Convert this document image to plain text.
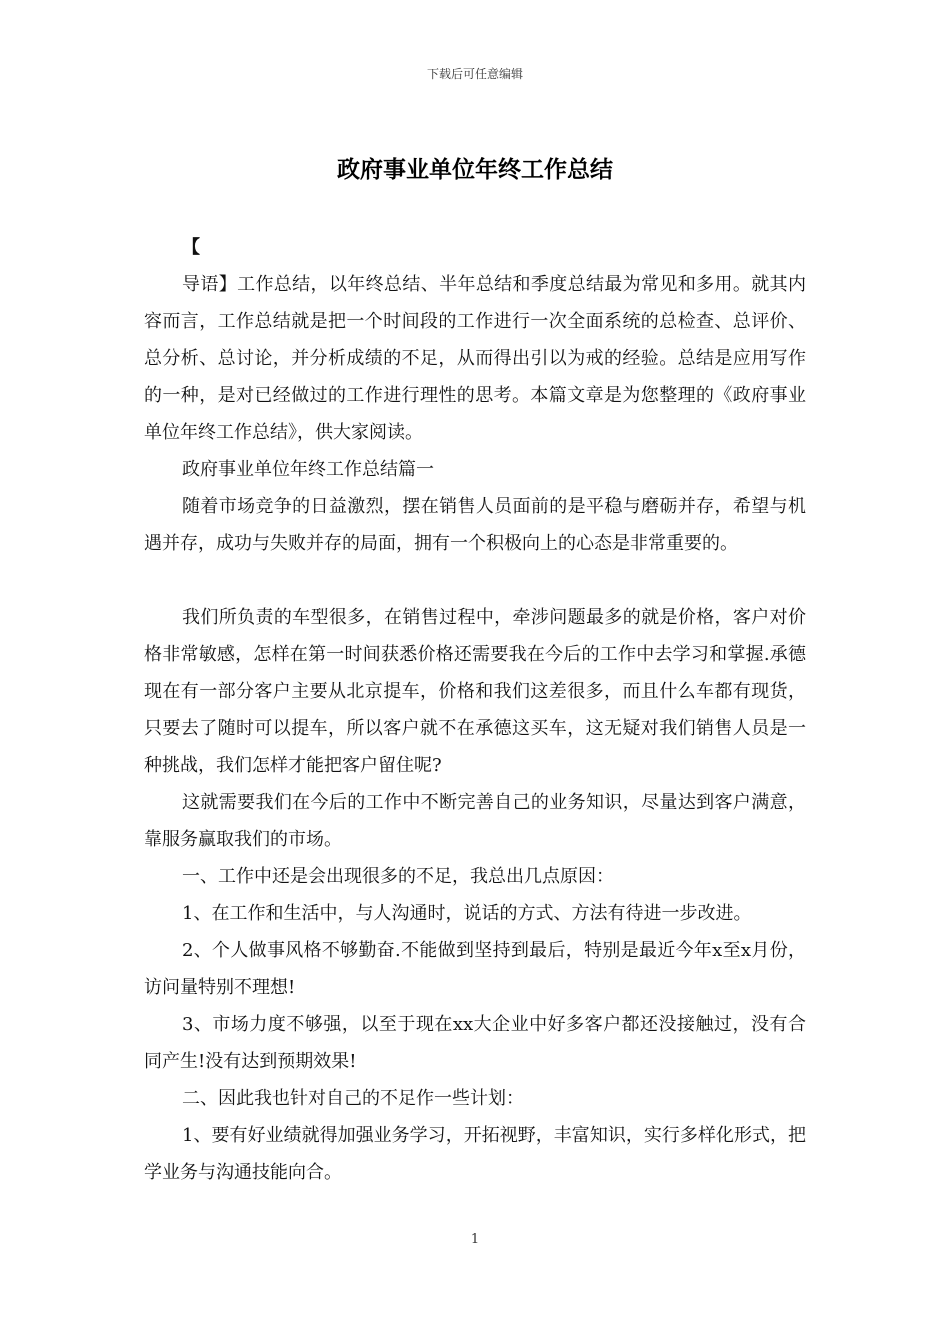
下载后可任意编辑
政府事业单位年终工作总结

【

导语】工作总结，以年终总结、半年总结和季度总结最为常见和多用。就其内容而言，工作总结就是把一个时间段的工作进行一次全面系统的总检查、总评价、总分析、总讨论，并分析成绩的不足，从而得出引以为戒的经验。总结是应用写作的一种，是对已经做过的工作进行理性的思考。本篇文章是为您整理的《政府事业单位年终工作总结》，供大家阅读。

政府事业单位年终工作总结篇一

随着市场竞争的日益激烈，摆在销售人员面前的是平稳与磨砺并存，希望与机遇并存，成功与失败并存的局面，拥有一个积极向上的心态是非常重要的。

我们所负责的车型很多，在销售过程中，牵涉问题最多的就是价格，客户对价格非常敏感，怎样在第一时间获悉价格还需要我在今后的工作中去学习和掌握.承德现在有一部分客户主要从北京提车，价格和我们这差很多，而且什么车都有现货，只要去了随时可以提车，所以客户就不在承德这买车，这无疑对我们销售人员是一种挑战，我们怎样才能把客户留住呢?

这就需要我们在今后的工作中不断完善自己的业务知识，尽量达到客户满意，靠服务赢取我们的市场。

一、工作中还是会出现很多的不足，我总出几点原因：

1、在工作和生活中，与人沟通时，说话的方式、方法有待进一步改进。

2、个人做事风格不够勤奋.不能做到坚持到最后，特别是最近今年x至x月份，访问量特别不理想!

3、市场力度不够强，以至于现在xx大企业中好多客户都还没接触过，没有合同产生!没有达到预期效果!

二、因此我也针对自己的不足作一些计划：

1、要有好业绩就得加强业务学习，开拓视野，丰富知识，实行多样化形式，把学业务与沟通技能向合。

1
